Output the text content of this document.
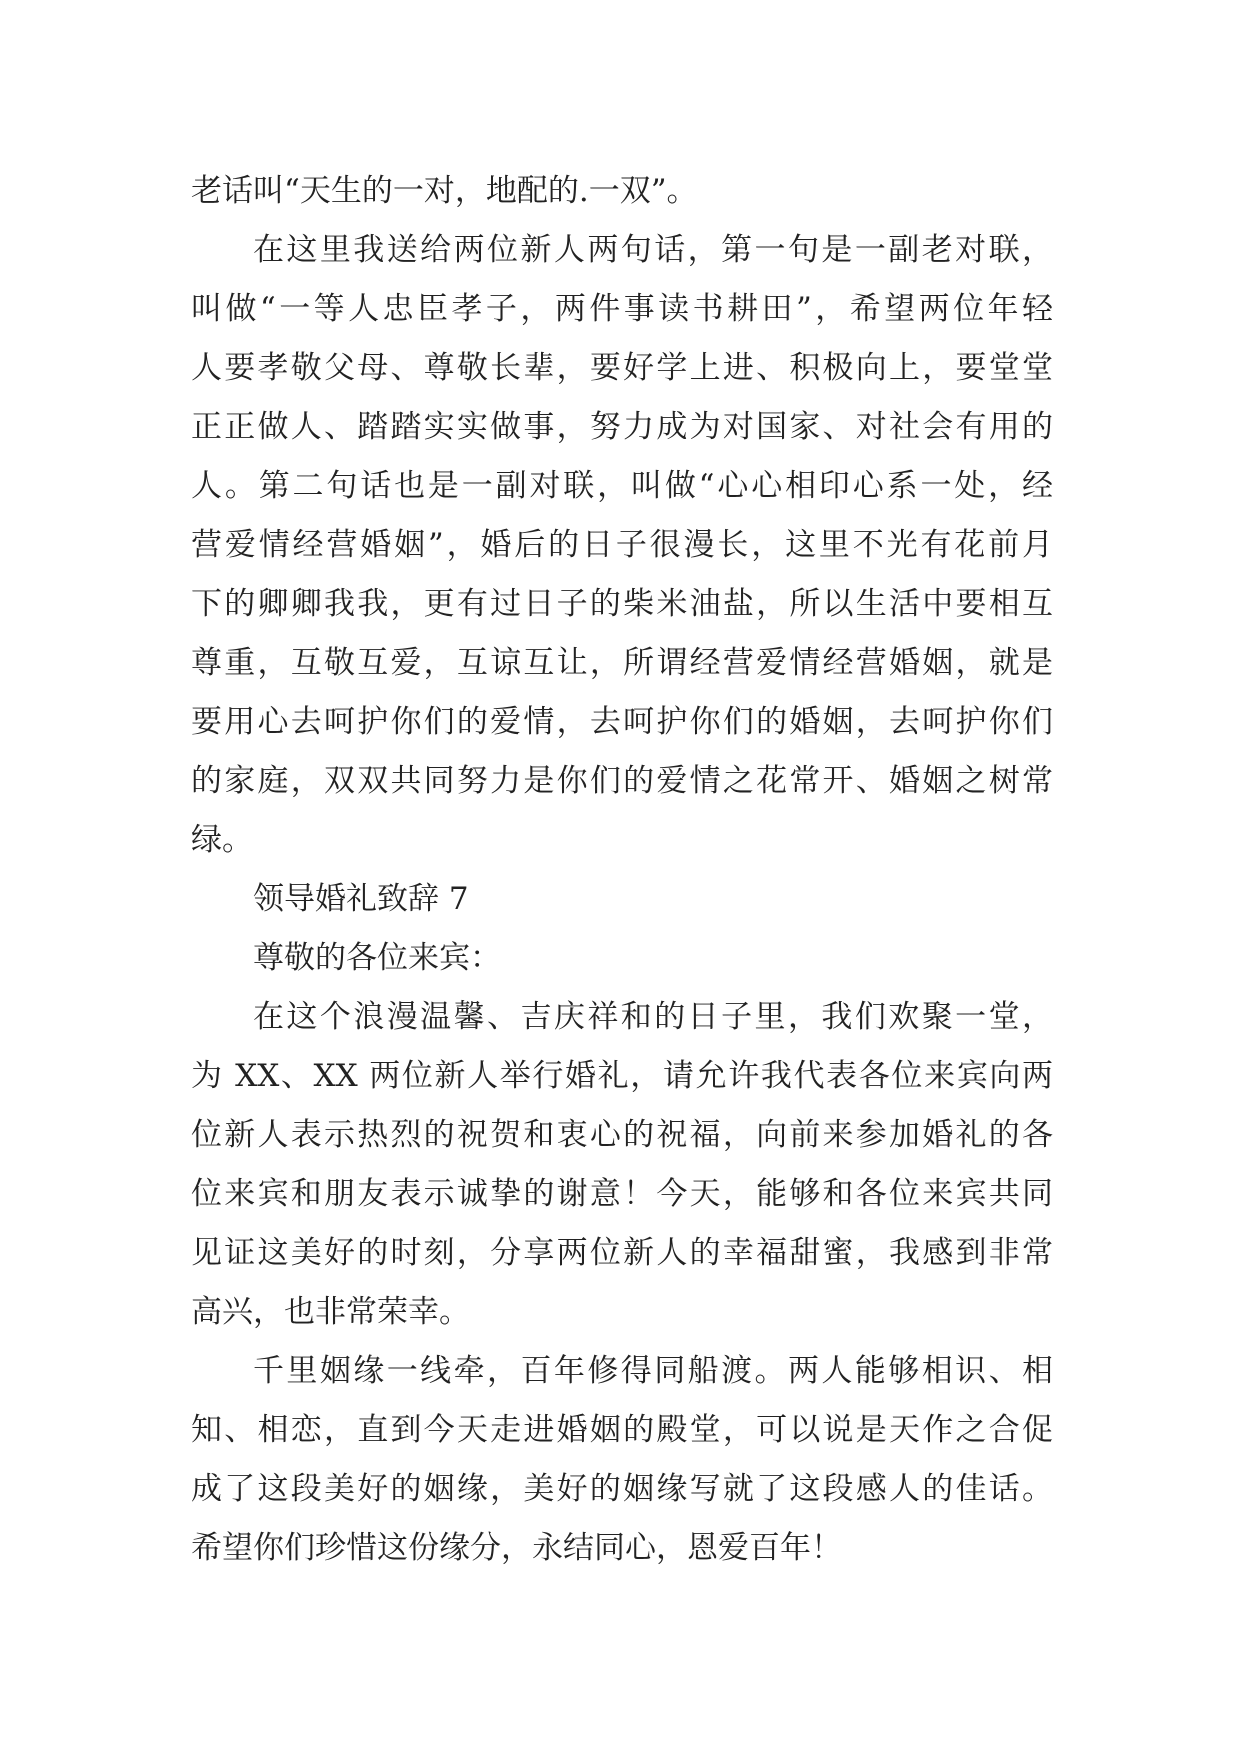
老话叫“天生的一对，地配的.一双”。
在这里我送给两位新人两句话，第一句是一副老对联，
叫做“一等人忠臣孝子，两件事读书耕田”，希望两位年轻
人要孝敬父母、尊敬长辈，要好学上进、积极向上，要堂堂
正正做人、踏踏实实做事，努力成为对国家、对社会有用的
人。第二句话也是一副对联，叫做“心心相印心系一处，经
营爱情经营婚姻”，婚后的日子很漫长，这里不光有花前月
下的卿卿我我，更有过日子的柴米油盐，所以生活中要相互
尊重，互敬互爱，互谅互让，所谓经营爱情经营婚姻，就是
要用心去呵护你们的爱情，去呵护你们的婚姻，去呵护你们
的家庭，双双共同努力是你们的爱情之花常开、婚姻之树常
绿。
领导婚礼致辞 7
尊敬的各位来宾：
在这个浪漫温馨、吉庆祥和的日子里，我们欢聚一堂，
为 XX、XX 两位新人举行婚礼，请允许我代表各位来宾向两
位新人表示热烈的祝贺和衷心的祝福，向前来参加婚礼的各
位来宾和朋友表示诚挚的谢意！今天，能够和各位来宾共同
见证这美好的时刻，分享两位新人的幸福甜蜜，我感到非常
高兴，也非常荣幸。
千里姻缘一线牵，百年修得同船渡。两人能够相识、相
知、相恋，直到今天走进婚姻的殿堂，可以说是天作之合促
成了这段美好的姻缘，美好的姻缘写就了这段感人的佳话。
希望你们珍惜这份缘分，永结同心，恩爱百年！
